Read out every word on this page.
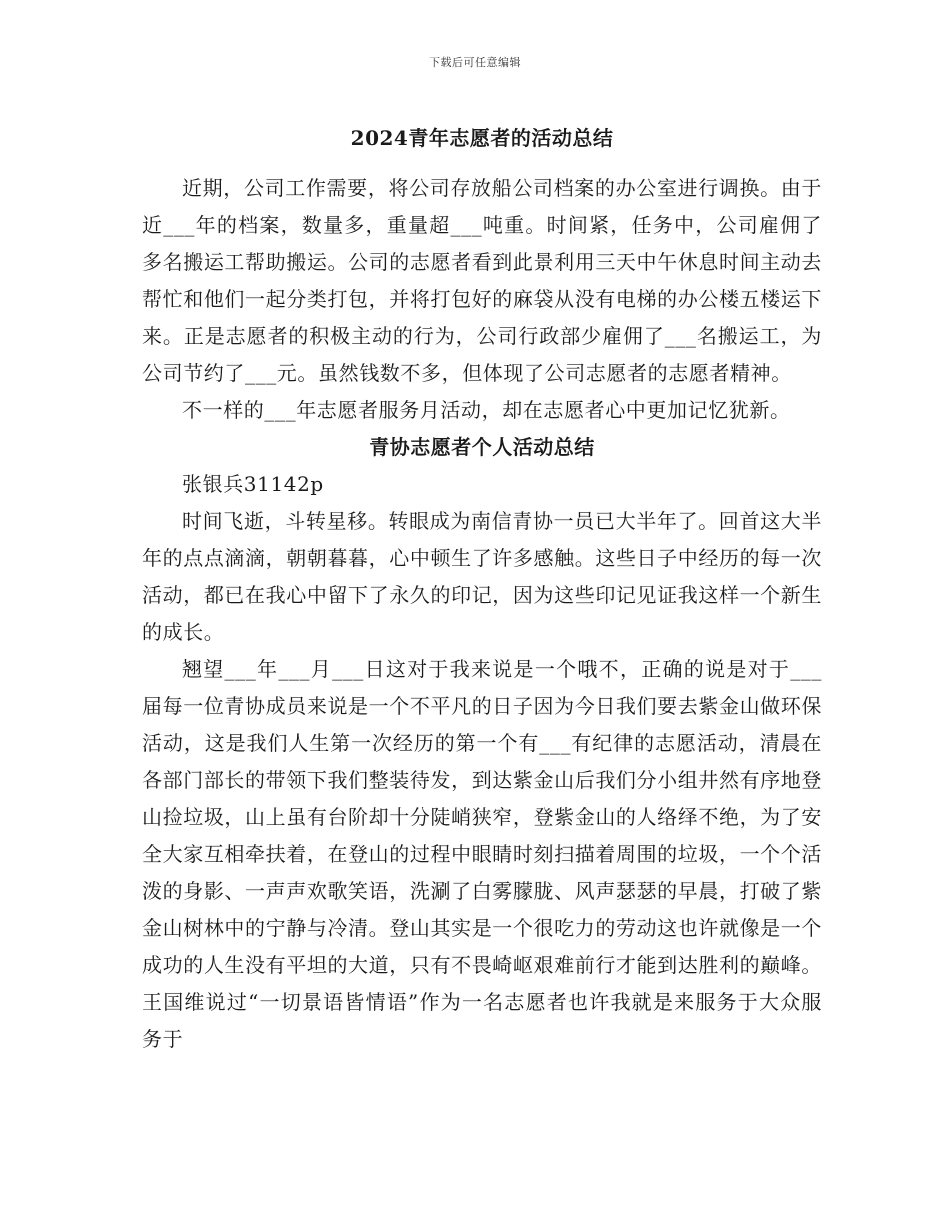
下载后可任意编辑
2024青年志愿者的活动总结

近期，公司工作需要，将公司存放船公司档案的办公室进行调换。由于近___年的档案，数量多，重量超___吨重。时间紧，任务中，公司雇佣了多名搬运工帮助搬运。公司的志愿者看到此景利用三天中午休息时间主动去帮忙和他们一起分类打包，并将打包好的麻袋从没有电梯的办公楼五楼运下来。正是志愿者的积极主动的行为，公司行政部少雇佣了___名搬运工，为公司节约了___元。虽然钱数不多，但体现了公司志愿者的志愿者精神。

不一样的___年志愿者服务月活动，却在志愿者心中更加记忆犹新。

青协志愿者个人活动总结

张银兵31142p

时间飞逝，斗转星移。转眼成为南信青协一员已大半年了。回首这大半年的点点滴滴，朝朝暮暮，心中顿生了许多感触。这些日子中经历的每一次活动，都已在我心中留下了永久的印记，因为这些印记见证我这样一个新生的成长。

翘望___年___月___日这对于我来说是一个哦不，正确的说是对于___届每一位青协成员来说是一个不平凡的日子因为今日我们要去紫金山做环保活动，这是我们人生第一次经历的第一个有___有纪律的志愿活动，清晨在各部门部长的带领下我们整装待发，到达紫金山后我们分小组井然有序地登山捡垃圾，山上虽有台阶却十分陡峭狭窄，登紫金山的人络绎不绝，为了安全大家互相牵扶着，在登山的过程中眼睛时刻扫描着周围的垃圾，一个个活泼的身影、一声声欢歌笑语，洗涮了白雾朦胧、风声瑟瑟的早晨，打破了紫金山树林中的宁静与冷清。登山其实是一个很吃力的劳动这也许就像是一个成功的人生没有平坦的大道，只有不畏崎岖艰难前行才能到达胜利的巅峰。王国维说过“一切景语皆情语”作为一名志愿者也许我就是来服务于大众服务于
